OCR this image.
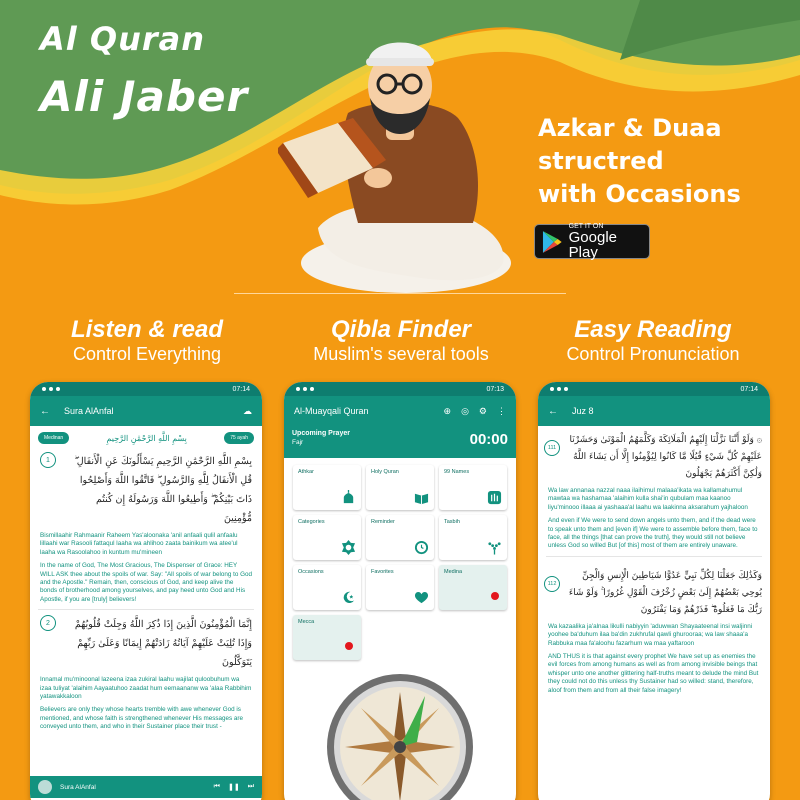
Al Quran
Ali Jaber
Azkar & Duaa
structred
with Occasions
GET IT ON
Google Play
Listen & read
Control Everything
Qibla Finder
Muslim's several tools
Easy Reading
Control Pronunciation
07:14
← Sura AlAnfal	☁
Medinan	بِسْمِ اللَّهِ الرَّحْمَٰنِ الرَّحِيمِ	75 ayah
1	بِسْمِ اللَّهِ الرَّحْمَٰنِ الرَّحِيمِ يَسْأَلُونَكَ عَنِ الْأَنفَالِ ۖ قُلِ الْأَنفَالُ لِلَّهِ وَالرَّسُولِ ۖ فَاتَّقُوا اللَّهَ وَأَصْلِحُوا ذَاتَ بَيْنِكُمْ ۖ وَأَطِيعُوا اللَّهَ وَرَسُولَهُ إِن كُنتُم مُّؤْمِنِينَ
Bismillaahir Rahmaanir Raheem Yas'aloonaka 'anil anfaali qulil anfaalu lillaahi war Rasooli fattaqul laaha wa ahlihoo zaata bainikum wa atee'ul laaha wa Rasoolahoo in kuntum mu'mineen
In the name of God, The Most Gracious, The Dispenser of Grace: HEY WILL ASK thee about the spoils of war. Say: "All spoils of war belong to God and the Apostle." Remain, then, conscious of God, and keep alive the bonds of brotherhood among yourselves, and pay heed unto God and His Apostle, if you are [truly] believers!
2	إِنَّمَا الْمُؤْمِنُونَ الَّذِينَ إِذَا ذُكِرَ اللَّهُ وَجِلَتْ قُلُوبُهُمْ وَإِذَا تُلِيَتْ عَلَيْهِمْ آيَاتُهُ زَادَتْهُمْ إِيمَانًا وَعَلَىٰ رَبِّهِمْ يَتَوَكَّلُونَ
Innamal mu'minoonal lazeena izaa zukiral laahu wajilat quloobuhum wa izaa tuliyat 'alaihim Aayaatuhoo zaadat hum eemaananw wa 'alaa Rabbihim yatawakkaloon
Believers are only they whose hearts tremble with awe whenever God is mentioned, and whose faith is strengthened whenever His messages are conveyed unto them, and who in their Sustainer place their trust -
Sura AlAnfal	⏮ ❚❚ ⏭
07:13
Al-Muayqali Quran	⊕ ◎ ⚙ ⋮
Upcoming Prayer
Fajr	00:00
Athkar	Holy Quran	99 Names
Categories	Reminder	Tasbih
Occasions	Favorites	Medina
Mecca
07:14
← Juz 8
111
۞ وَلَوْ أَنَّنَا نَزَّلْنَا إِلَيْهِمُ الْمَلَائِكَةَ وَكَلَّمَهُمُ الْمَوْتَىٰ وَحَشَرْنَا عَلَيْهِمْ كُلَّ شَيْءٍ قُبُلًا مَّا كَانُوا لِيُؤْمِنُوا إِلَّا أَن يَشَاءَ اللَّهُ وَلَٰكِنَّ أَكْثَرَهُمْ يَجْهَلُونَ
Wa law annanaa nazzal naaa ilaihimul malaaa'ikata wa kallamahumul mawtaa wa hasharnaa 'alaihim kulla shai'in qubulam maa kaanoo liyu'minooo illaaa ai yashaaa'al laahu wa laakinna aksarahum yajhaloon
And even if We were to send down angels unto them, and if the dead were to speak unto them and [even if] We were to assemble before them, face to face, all the things [that can prove the truth], they would still not believe unless God so willed But [of this] most of them are entirely unaware.
112
وَكَذَٰلِكَ جَعَلْنَا لِكُلِّ نَبِيٍّ عَدُوًّا شَيَاطِينَ الْإِنسِ وَالْجِنِّ يُوحِي بَعْضُهُمْ إِلَىٰ بَعْضٍ زُخْرُفَ الْقَوْلِ غُرُورًا ۚ وَلَوْ شَاءَ رَبُّكَ مَا فَعَلُوهُ ۖ فَذَرْهُمْ وَمَا يَفْتَرُونَ
Wa kazaalika ja'alnaa likulli nabiyyin 'aduwwan Shayaateenal insi waljinni yoohee ba'duhum ilaa ba'din zukhrufal qawli ghurooraa; wa law shaaa'a Rabbuka maa fa'aloohu fazarhum wa maa yaftaroon
AND THUS it is that against every prophet We have set up as enemies the evil forces from among humans as well as from among invisible beings that whisper unto one another glittering half-truths meant to delude the mind But they could not do this unless thy Sustainer had so willed: stand, therefore, aloof from them and from all their false imagery!
